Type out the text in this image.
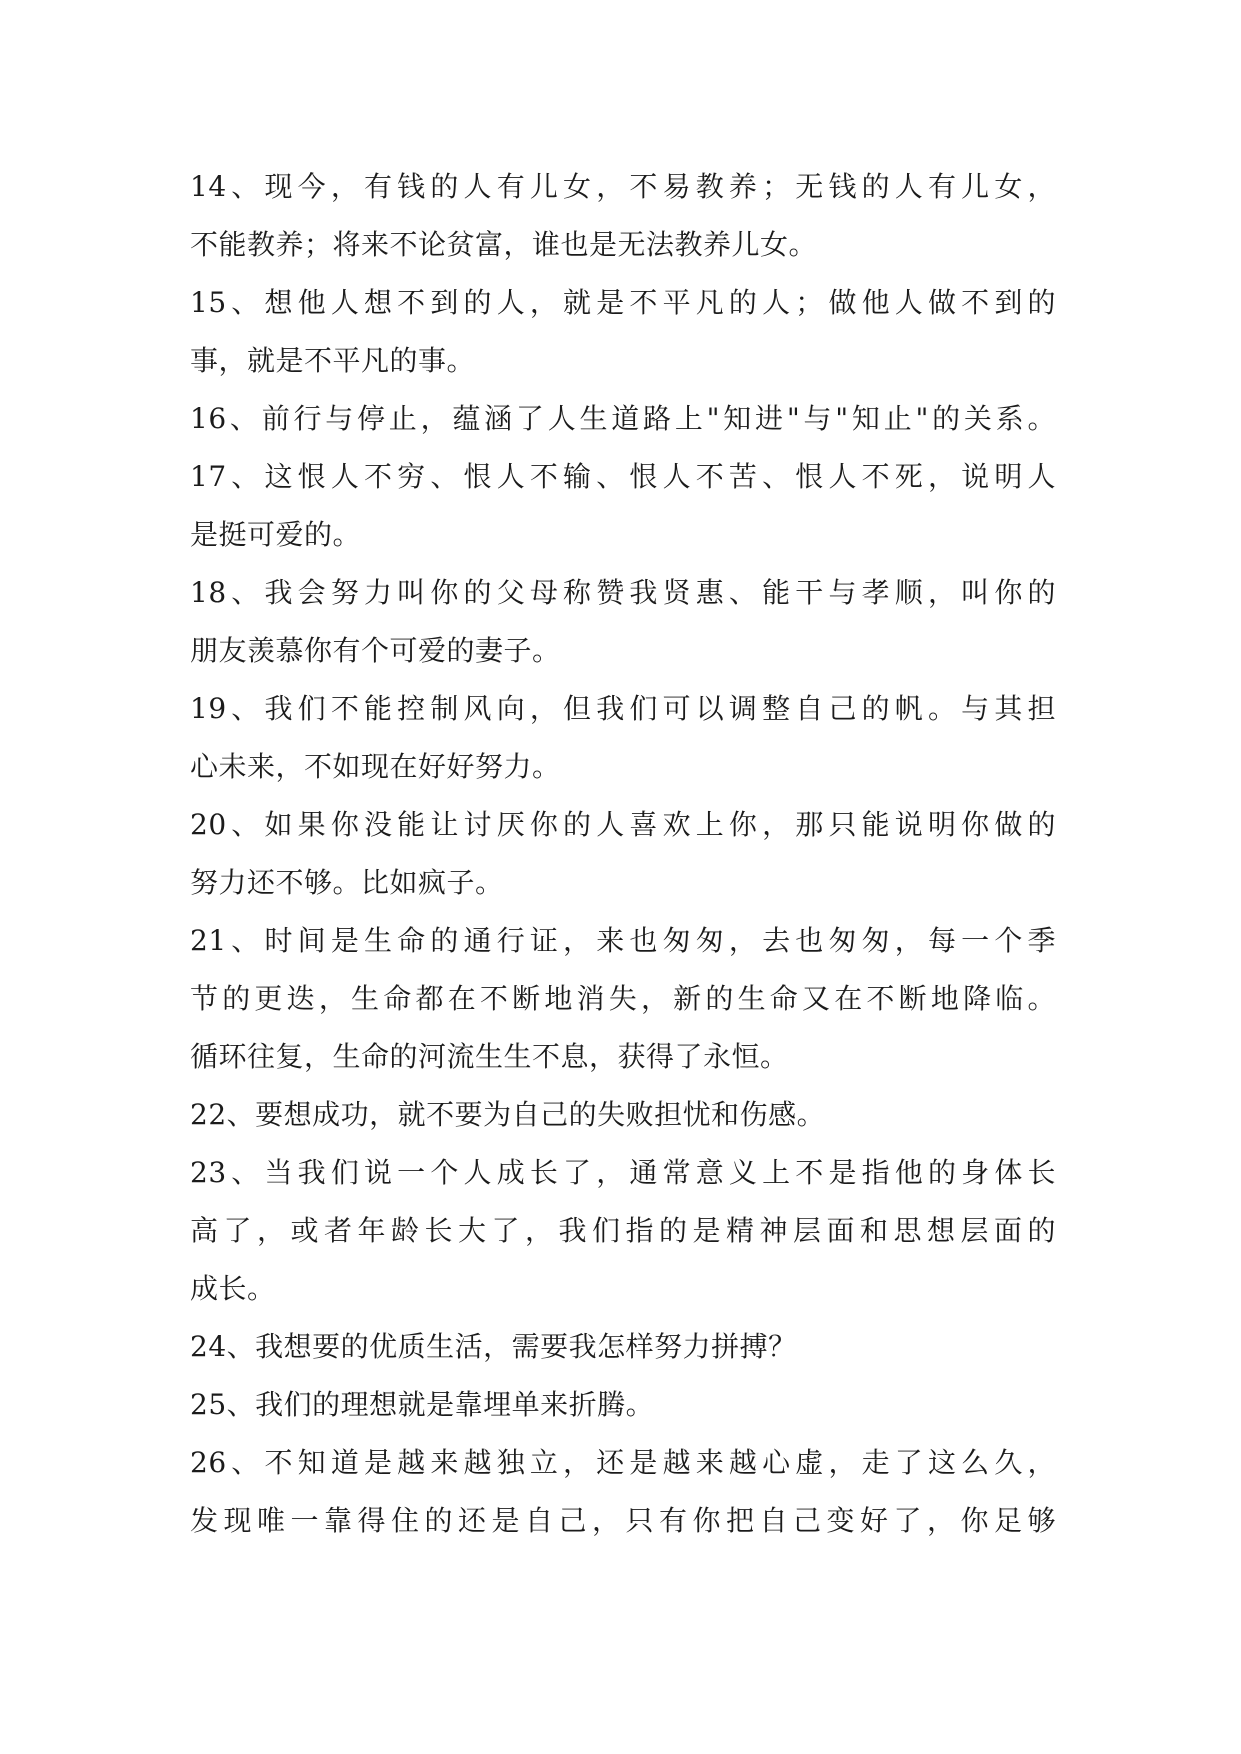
14、现今，有钱的人有儿女，不易教养；无钱的人有儿女，
不能教养；将来不论贫富，谁也是无法教养儿女。
15、想他人想不到的人，就是不平凡的人；做他人做不到的
事，就是不平凡的事。
16、前行与停止，蕴涵了人生道路上"知进"与"知止"的关系。
17、这恨人不穷、恨人不输、恨人不苦、恨人不死，说明人
是挺可爱的。
18、我会努力叫你的父母称赞我贤惠、能干与孝顺，叫你的
朋友羡慕你有个可爱的妻子。
19、我们不能控制风向，但我们可以调整自己的帆。与其担
心未来，不如现在好好努力。
20、如果你没能让讨厌你的人喜欢上你，那只能说明你做的
努力还不够。比如疯子。
21、时间是生命的通行证，来也匆匆，去也匆匆，每一个季
节的更迭，生命都在不断地消失，新的生命又在不断地降临。
循环往复，生命的河流生生不息，获得了永恒。
22、要想成功，就不要为自己的失败担忧和伤感。
23、当我们说一个人成长了，通常意义上不是指他的身体长
高了，或者年龄长大了，我们指的是精神层面和思想层面的
成长。
24、我想要的优质生活，需要我怎样努力拼搏？
25、我们的理想就是靠埋单来折腾。
26、不知道是越来越独立，还是越来越心虚，走了这么久，
发现唯一靠得住的还是自己，只有你把自己变好了，你足够
